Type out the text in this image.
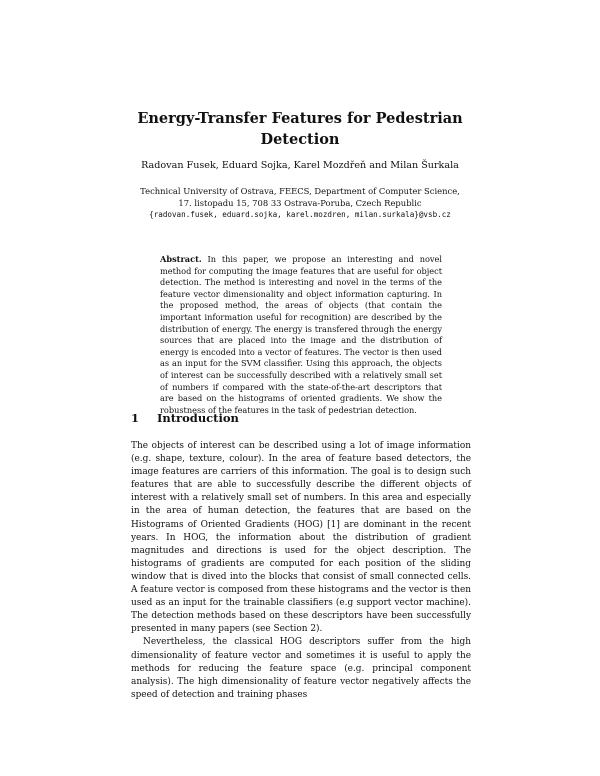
Energy-Transfer Features for Pedestrian
Detection
Radovan Fusek, Eduard Sojka, Karel Mozdřeň and Milan Šurkala
Technical University of Ostrava, FEECS, Department of Computer Science,
17. listopadu 15, 708 33 Ostrava-Poruba, Czech Republic
{radovan.fusek, eduard.sojka, karel.mozdren, milan.surkala}@vsb.cz
Abstract. In this paper, we propose an interesting and novel method for computing the image features that are useful for object detection. The method is interesting and novel in the terms of the feature vector dimensionality and object information capturing. In the proposed method, the areas of objects (that contain the important information useful for recognition) are described by the distribution of energy. The energy is transfered through the energy sources that are placed into the image and the distribution of energy is encoded into a vector of features. The vector is then used as an input for the SVM classifier. Using this approach, the objects of interest can be successfully described with a relatively small set of numbers if compared with the state-of-the-art descriptors that are based on the histograms of oriented gradients. We show the robustness of the features in the task of pedestrian detection.
1 Introduction

The objects of interest can be described using a lot of image information (e.g. shape, texture, colour). In the area of feature based detectors, the image features are carriers of this information. The goal is to design such features that are able to successfully describe the different objects of interest with a relatively small set of numbers. In this area and especially in the area of human detection, the features that are based on the Histograms of Oriented Gradients (HOG) [1] are dominant in the recent years. In HOG, the information about the distribution of gradient magnitudes and directions is used for the object description. The histograms of gradients are computed for each position of the sliding window that is dived into the blocks that consist of small connected cells. A feature vector is composed from these histograms and the vector is then used as an input for the trainable classifiers (e.g support vector machine). The detection methods based on these descriptors have been successfully presented in many papers (see Section 2).

Nevertheless, the classical HOG descriptors suffer from the high dimensionality of feature vector and sometimes it is useful to apply the methods for reducing the feature space (e.g. principal component analysis). The high dimensionality of feature vector negatively affects the speed of detection and training phases
